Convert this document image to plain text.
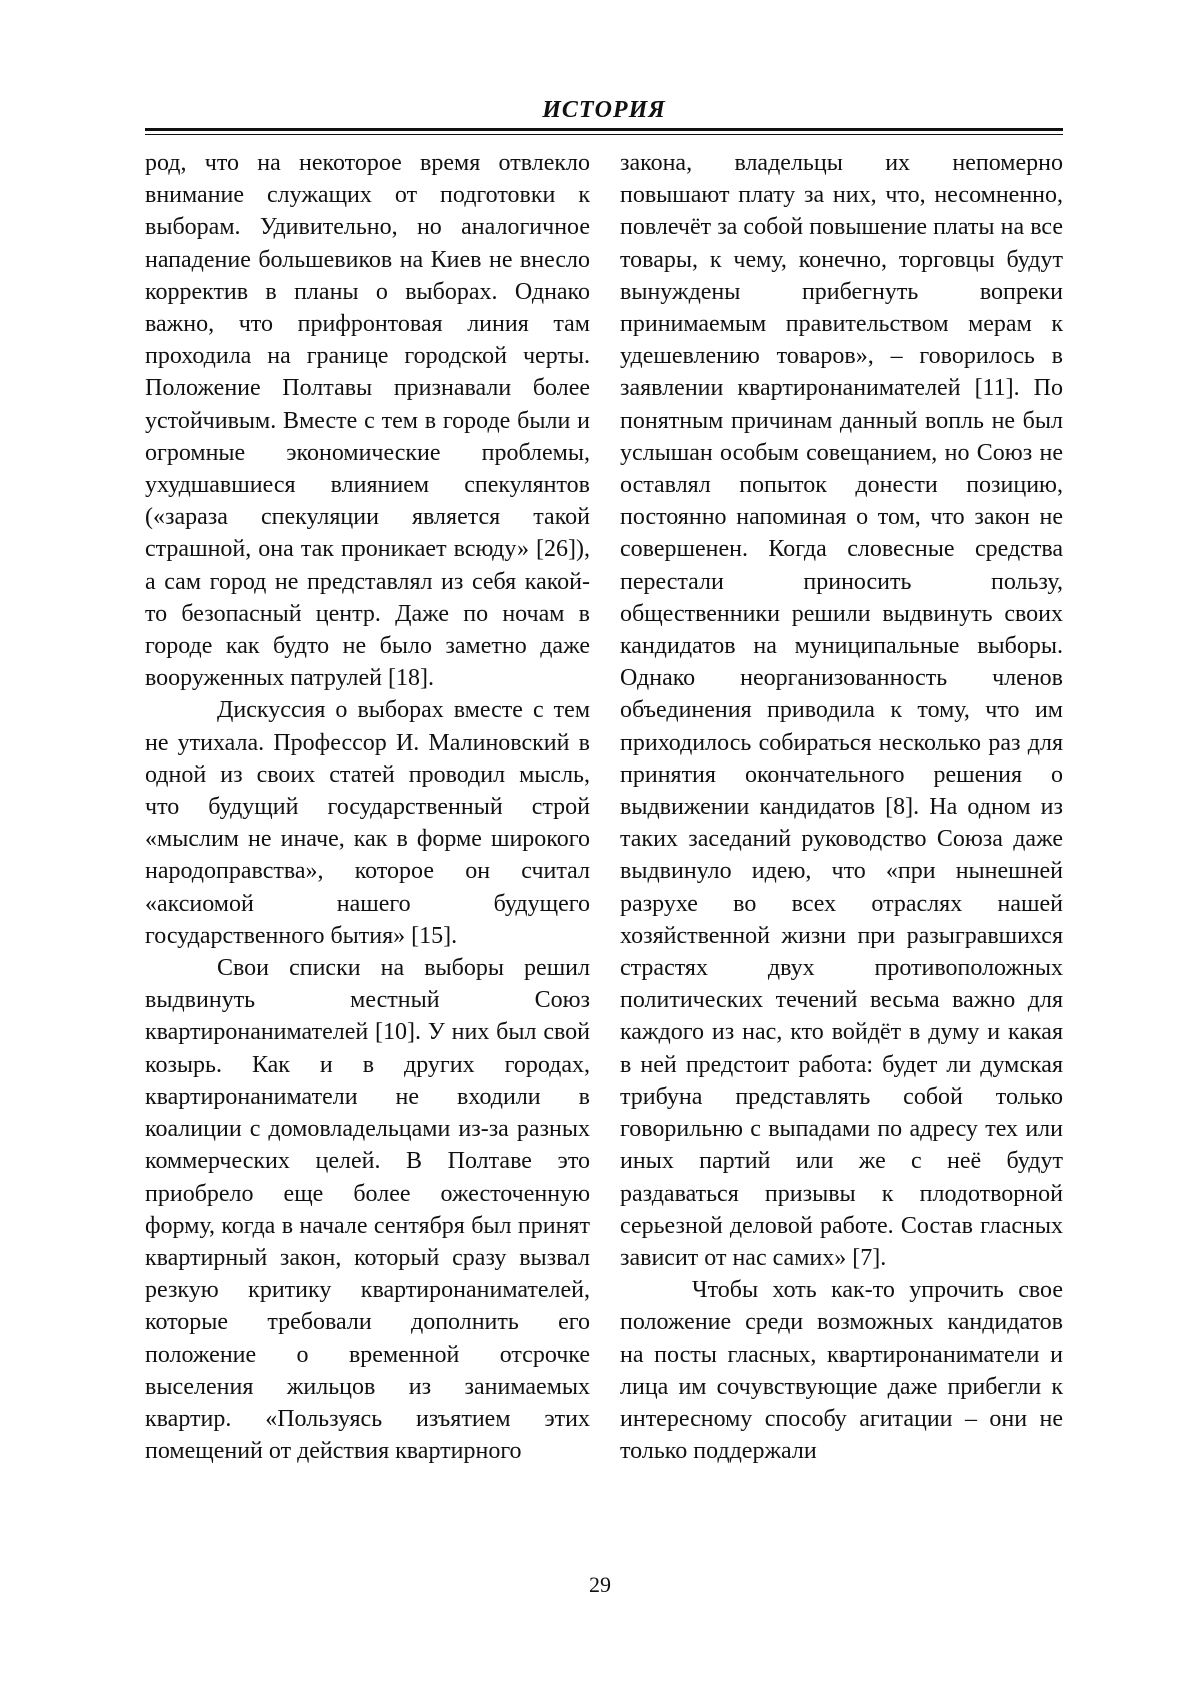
ИСТОРИЯ

род, что на некоторое время отвлекло внимание служащих от подготовки к выборам. Удивительно, но аналогичное нападение большевиков на Киев не внесло корректив в планы о выборах. Однако важно, что прифронтовая линия там проходила на границе городской черты. Положение Полтавы признавали более устойчивым. Вместе с тем в городе были и огромные экономические проблемы, ухудшавшиеся влиянием спекулянтов («зараза спекуляции является такой страшной, она так проникает всюду» [26]), а сам город не представлял из себя какой-то безопасный центр. Даже по ночам в городе как будто не было заметно даже вооруженных патрулей [18].

Дискуссия о выборах вместе с тем не утихала. Профессор И. Малиновский в одной из своих статей проводил мысль, что будущий государственный строй «мыслим не иначе, как в форме широкого народоправства», которое он считал «аксиомой нашего будущего государственного бытия» [15].

Свои списки на выборы решил выдвинуть местный Союз квартиронанимателей [10]. У них был свой козырь. Как и в других городах, квартиронаниматели не входили в коалиции с домовладельцами из-за разных коммерческих целей. В Полтаве это приобрело еще более ожесточенную форму, когда в начале сентября был принят квартирный закон, который сразу вызвал резкую критику квартиронанимателей, которые требовали дополнить его положение о временной отсрочке выселения жильцов из занимаемых квартир. «Пользуясь изъятием этих помещений от действия квартирного

закона, владельцы их непомерно повышают плату за них, что, несомненно, повлечёт за собой повышение платы на все товары, к чему, конечно, торговцы будут вынуждены прибегнуть вопреки принимаемым правительством мерам к удешевлению товаров», – говорилось в заявлении квартиронанимателей [11]. По понятным причинам данный вопль не был услышан особым совещанием, но Союз не оставлял попыток донести позицию, постоянно напоминая о том, что закон не совершенен. Когда словесные средства перестали приносить пользу, общественники решили выдвинуть своих кандидатов на муниципальные выборы. Однако неорганизованность членов объединения приводила к тому, что им приходилось собираться несколько раз для принятия окончательного решения о выдвижении кандидатов [8]. На одном из таких заседаний руководство Союза даже выдвинуло идею, что «при нынешней разрухе во всех отраслях нашей хозяйственной жизни при разыгравшихся страстях двух противоположных политических течений весьма важно для каждого из нас, кто войдёт в думу и какая в ней предстоит работа: будет ли думская трибуна представлять собой только говорильню с выпадами по адресу тех или иных партий или же с неё будут раздаваться призывы к плодотворной серьезной деловой работе. Состав гласных зависит от нас самих» [7].

Чтобы хоть как-то упрочить свое положение среди возможных кандидатов на посты гласных, квартиронаниматели и лица им сочувствующие даже прибегли к интересному способу агитации – они не только поддержали

29
